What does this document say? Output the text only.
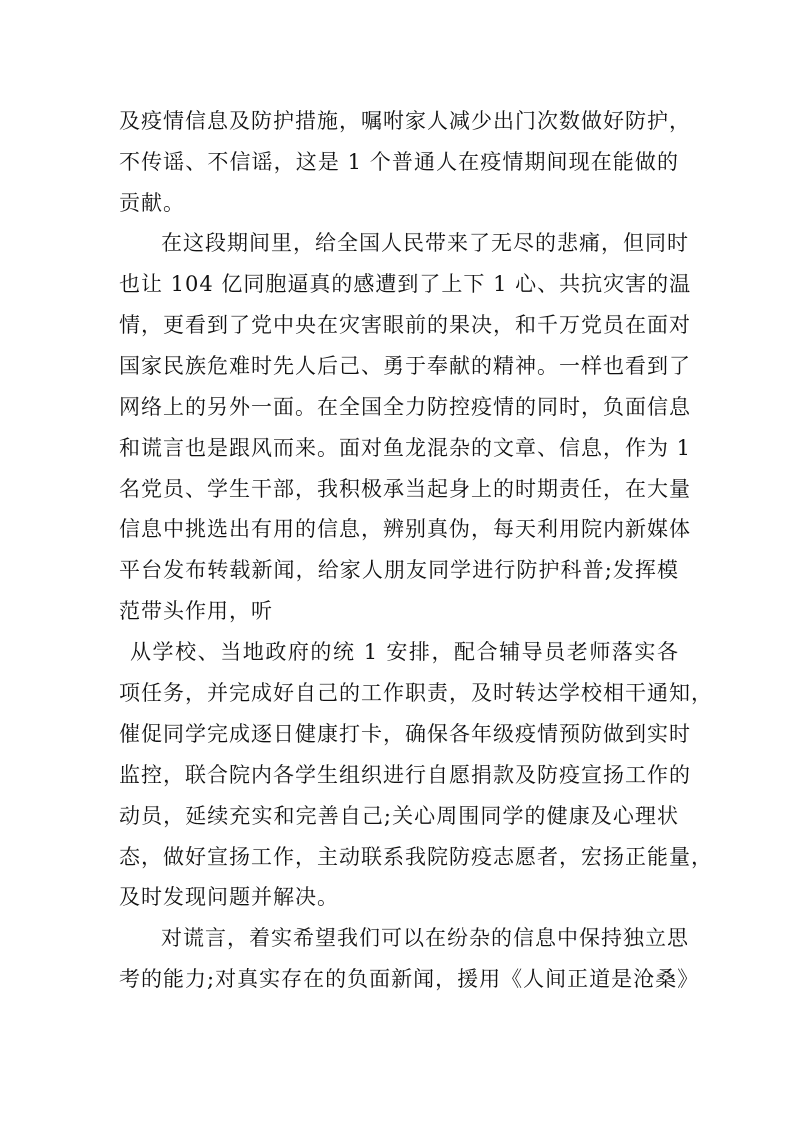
及疫情信息及防护措施，嘱咐家人减少出门次数做好防护，
不传谣、不信谣，这是 1 个普通人在疫情期间现在能做的
贡献。
在这段期间里，给全国人民带来了无尽的悲痛，但同时
也让 104 亿同胞逼真的感遭到了上下 1 心、共抗灾害的温
情，更看到了党中央在灾害眼前的果决，和千万党员在面对
国家民族危难时先人后己、勇于奉献的精神。一样也看到了
网络上的另外一面。在全国全力防控疫情的同时，负面信息
和谎言也是跟风而来。面对鱼龙混杂的文章、信息，作为 1
名党员、学生干部，我积极承当起身上的时期责任，在大量
信息中挑选出有用的信息，辨别真伪，每天利用院内新媒体
平台发布转载新闻，给家人朋友同学进行防护科普;发挥模
范带头作用，听
从学校、当地政府的统 1 安排，配合辅导员老师落实各
项任务，并完成好自己的工作职责，及时转达学校相干通知，
催促同学完成逐日健康打卡，确保各年级疫情预防做到实时
监控，联合院内各学生组织进行自愿捐款及防疫宣扬工作的
动员，延续充实和完善自己;关心周围同学的健康及心理状
态，做好宣扬工作，主动联系我院防疫志愿者，宏扬正能量，
及时发现问题并解决。
对谎言，着实希望我们可以在纷杂的信息中保持独立思
考的能力;对真实存在的负面新闻，援用《人间正道是沧桑》
